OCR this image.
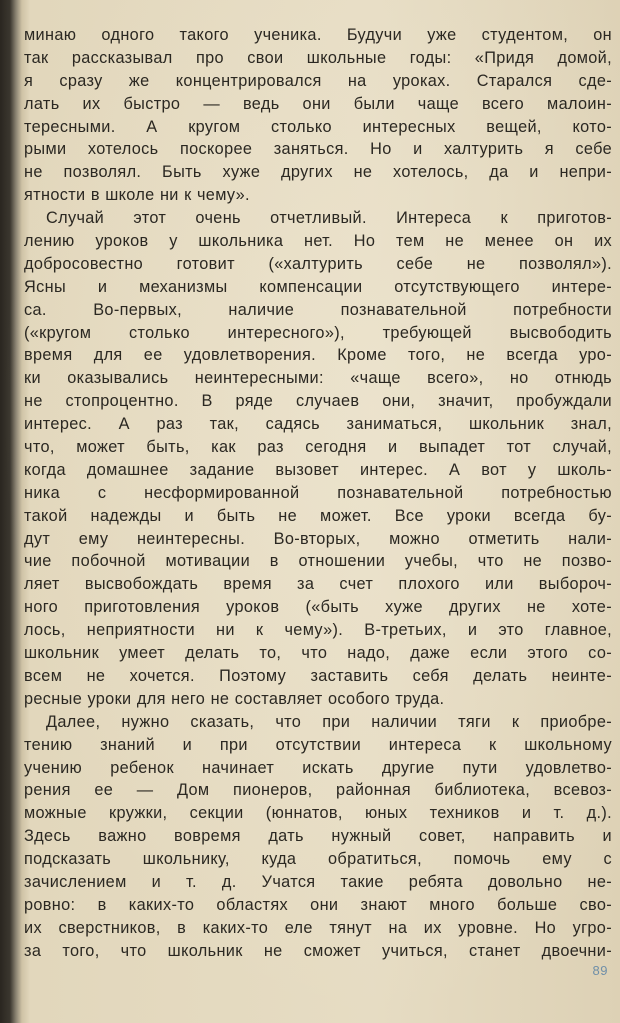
минаю одного такого ученика. Будучи уже студентом, он
так рассказывал про свои школьные годы: «Придя домой,
я сразу же концентрировался на уроках. Старался сде-
лать их быстро — ведь они были чаще всего малоин-
тересными. А кругом столько интересных вещей, кото-
рыми хотелось поскорее заняться. Но и халтурить я себе
не позволял. Быть хуже других не хотелось, да и непри-
ятности в школе ни к чему».
Случай этот очень отчетливый. Интереса к приготов-
лению уроков у школьника нет. Но тем не менее он их
добросовестно готовит («халтурить себе не позволял»).
Ясны и механизмы компенсации отсутствующего интере-
са. Во-первых, наличие познавательной потребности
(«кругом столько интересного»), требующей высвободить
время для ее удовлетворения. Кроме того, не всегда уро-
ки оказывались неинтересными: «чаще всего», но отнюдь
не стопроцентно. В ряде случаев они, значит, пробуждали
интерес. А раз так, садясь заниматься, школьник знал,
что, может быть, как раз сегодня и выпадет тот случай,
когда домашнее задание вызовет интерес. А вот у школь-
ника с несформированной познавательной потребностью
такой надежды и быть не может. Все уроки всегда бу-
дут ему неинтересны. Во-вторых, можно отметить нали-
чие побочной мотивации в отношении учебы, что не позво-
ляет высвобождать время за счет плохого или выбороч-
ного приготовления уроков («быть хуже других не хоте-
лось, неприятности ни к чему»). В-третьих, и это главное,
школьник умеет делать то, что надо, даже если этого со-
всем не хочется. Поэтому заставить себя делать неинте-
ресные уроки для него не составляет особого труда.
Далее, нужно сказать, что при наличии тяги к приобре-
тению знаний и при отсутствии интереса к школьному
учению ребенок начинает искать другие пути удовлетво-
рения ее — Дом пионеров, районная библиотека, всевоз-
можные кружки, секции (юннатов, юных техников и т. д.).
Здесь важно вовремя дать нужный совет, направить и
подсказать школьнику, куда обратиться, помочь ему с
зачислением и т. д. Учатся такие ребята довольно не-
ровно: в каких-то областях они знают много больше сво-
их сверстников, в каких-то еле тянут на их уровне. Но угро-
за того, что школьник не сможет учиться, станет двоечни-
89
